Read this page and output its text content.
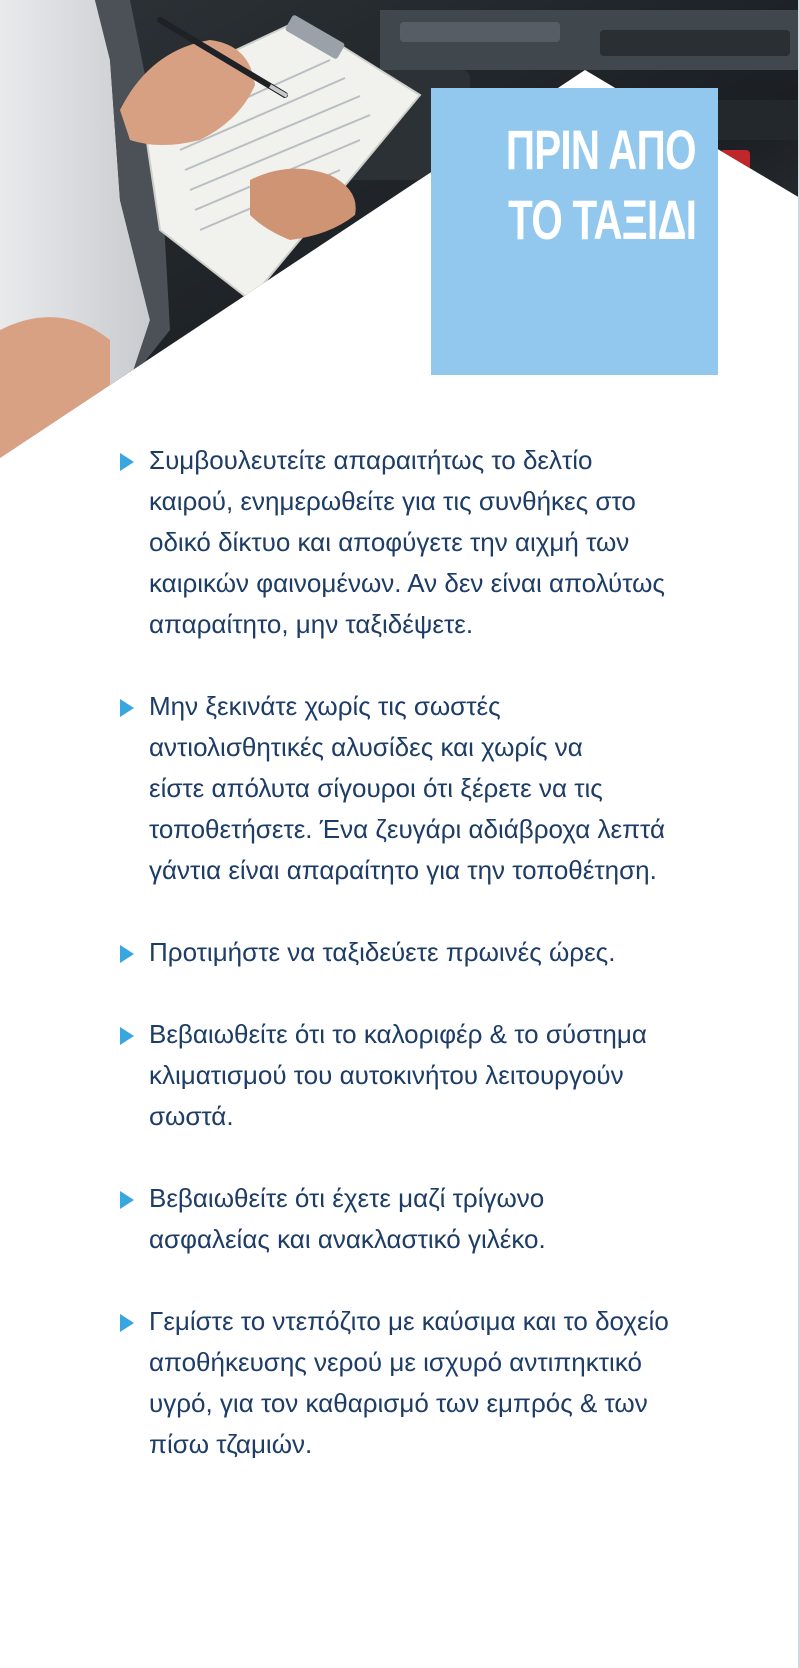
ΠΡΙΝ ΑΠΟ
ΤΟ ΤΑΞΙΔΙ
Συμβουλευτείτε απαραιτήτως το δελτίο
καιρού, ενημερωθείτε για τις συνθήκες στο
οδικό δίκτυο και αποφύγετε την αιχμή των
καιρικών φαινομένων. Αν δεν είναι απολύτως
απαραίτητο, μην ταξιδέψετε.
Μην ξεκινάτε χωρίς τις σωστές
αντιολισθητικές αλυσίδες και χωρίς να
είστε απόλυτα σίγουροι ότι ξέρετε να τις
τοποθετήσετε. Ένα ζευγάρι αδιάβροχα λεπτά
γάντια είναι απαραίτητο για την τοποθέτηση.
Προτιμήστε να ταξιδεύετε πρωινές ώρες.
Βεβαιωθείτε ότι το καλοριφέρ & το σύστημα
κλιματισμού του αυτοκινήτου λειτουργούν
σωστά.
Βεβαιωθείτε ότι έχετε μαζί τρίγωνο
ασφαλείας και ανακλαστικό γιλέκο.
Γεμίστε το ντεπόζιτο με καύσιμα και το δοχείο
αποθήκευσης νερού με ισχυρό αντιπηκτικό
υγρό, για τον καθαρισμό των εμπρός & των
πίσω τζαμιών.
